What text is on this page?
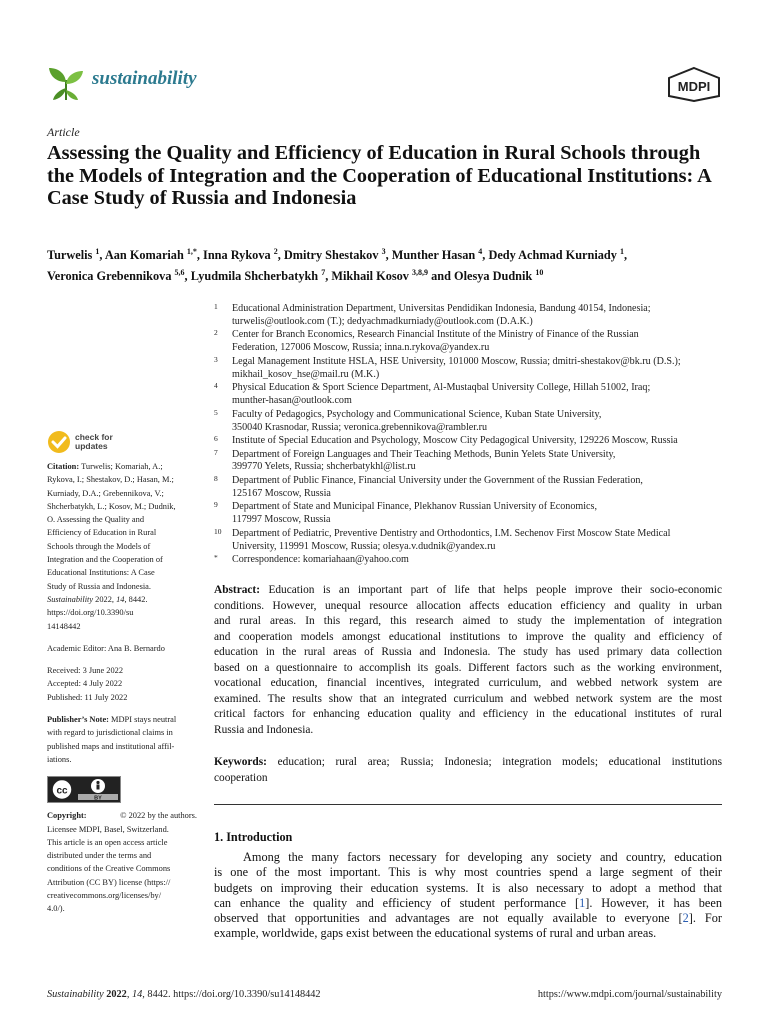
sustainability	MDPI
Article
Assessing the Quality and Efficiency of Education in Rural Schools through the Models of Integration and the Cooperation of Educational Institutions: A Case Study of Russia and Indonesia
Turwelis $^1$, Aan Komariah $^{1,*}$, Inna Rykova $^2$, Dmitry Shestakov $^3$, Munther Hasan $^4$, Dedy Achmad Kurniady $^1$,
Veronica Grebennikova $^{5,6}$, Lyudmila Shcherbatykh $^7$, Mikhail Kosov $^{3,8,9}$ and Olesya Dudnik $^{10}$
1 Educational Administration Department, Universitas Pendidikan Indonesia, Bandung 40154, Indonesia;
turwelis@outlook.com (T.); dedyachmadkurniady@outlook.com (D.A.K.)
2 Center for Branch Economics, Research Financial Institute of the Ministry of Finance of the Russian
Federation, 127006 Moscow, Russia; inna.n.rykova@yandex.ru
3 Legal Management Institute HSLA, HSE University, 101000 Moscow, Russia; dmitri-shestakov@bk.ru (D.S.);
mikhail_kosov_hse@mail.ru (M.K.)
4 Physical Education & Sport Science Department, Al-Mustaqbal University College, Hillah 51002, Iraq;
munther-hasan@outlook.com
5 Faculty of Pedagogics, Psychology and Communicational Science, Kuban State University,
350040 Krasnodar, Russia; veronica.grebennikova@rambler.ru
6 Institute of Special Education and Psychology, Moscow City Pedagogical University, 129226 Moscow, Russia
7 Department of Foreign Languages and Their Teaching Methods, Bunin Yelets State University,
399770 Yelets, Russia; shcherbatykhl@list.ru
8 Department of Public Finance, Financial University under the Government of the Russian Federation,
125167 Moscow, Russia
9 Department of State and Municipal Finance, Plekhanov Russian University of Economics,
117997 Moscow, Russia
10 Department of Pediatric, Preventive Dentistry and Orthodontics, I.M. Sechenov First Moscow State Medical
University, 119991 Moscow, Russia; olesya.v.dudnik@yandex.ru
* Correspondence: komariahaan@yahoo.com
check for
updates
Citation: Turwelis; Komariah, A.;
Rykova, I.; Shestakov, D.; Hasan, M.;
Kurniady, D.A.; Grebennikova, V.;
Shcherbatykh, L.; Kosov, M.; Dudnik,
O. Assessing the Quality and
Efficiency of Education in Rural
Schools through the Models of
Integration and the Cooperation of
Educational Institutions: A Case
Study of Russia and Indonesia.
Sustainability 2022, 14, 8442.
https://doi.org/10.3390/su
14148442
Academic Editor: Ana B. Bernardo
Received: 3 June 2022
Accepted: 4 July 2022
Published: 11 July 2022
Publisher’s Note: MDPI stays neutral
with regard to jurisdictional claims in
published maps and institutional affil-
iations.
cc
BY
Copyright:	© 2022 by the authors.
Licensee MDPI, Basel, Switzerland.
This article is an open access article
distributed under the terms and
conditions of the Creative Commons
Attribution (CC BY) license (https://
creativecommons.org/licenses/by/
4.0/).
Abstract: Education is an important part of life that helps people improve their socio-economic
conditions. However, unequal resource allocation affects education efficiency and quality in urban
and rural areas. In this regard, this research aimed to study the implementation of integration
and cooperation models amongst educational institutions to improve the quality and efficiency of
education in the rural areas of Russia and Indonesia. The study has used primary data collection
based on a questionnaire to accomplish its goals. Different factors such as the working environment,
vocational education, financial incentives, integrated curriculum, and webbed network system are
examined. The results show that an integrated curriculum and webbed network system are the most
critical factors for enhancing education quality and efficiency in the educational institutes of rural
Russia and Indonesia.
Keywords: education; rural area; Russia; Indonesia; integration models; educational institutions
cooperation
1. Introduction
Among the many factors necessary for developing any society and country, education
is one of the most important. This is why most countries spend a large segment of their
budgets on improving their education systems. It is also necessary to adopt a method that
can enhance the quality and efficiency of student performance [1]. However, it has been
observed that opportunities and advantages are not equally available to everyone [2]. For
example, worldwide, gaps exist between the educational systems of rural and urban areas.
Sustainability 2022, 14, 8442. https://doi.org/10.3390/su14148442	https://www.mdpi.com/journal/sustainability
